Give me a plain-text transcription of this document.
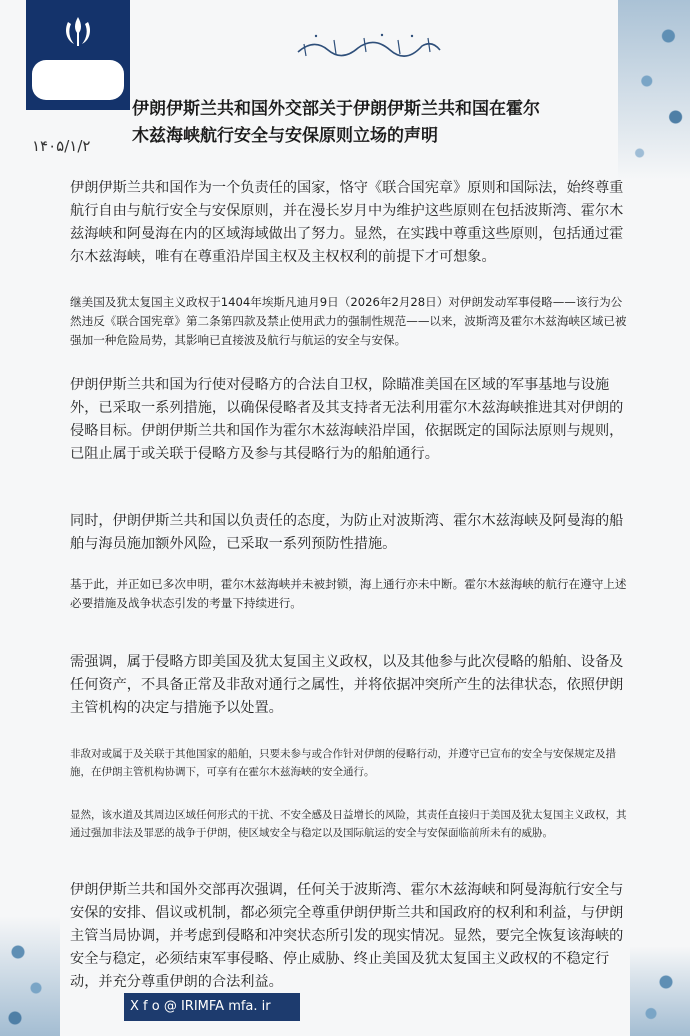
IRIMFA
۱۴۰۵/۱/۲
伊朗伊斯兰共和国外交部关于伊朗伊斯兰共和国在霍尔
木兹海峡航行安全与安保原则立场的声明

伊朗伊斯兰共和国作为一个负责任的国家，恪守《联合国宪章》原则和国际法，始终尊重航行自由与航行安全与安保原则，并在漫长岁月中为维护这些原则在包括波斯湾、霍尔木兹海峡和阿曼海在内的区域海域做出了努力。显然，在实践中尊重这些原则，包括通过霍尔木兹海峡，唯有在尊重沿岸国主权及主权权利的前提下才可想象。

继美国及犹太复国主义政权于1404年埃斯凡迪月9日（2026年2月28日）对伊朗发动军事侵略——该行为公然违反《联合国宪章》第二条第四款及禁止使用武力的强制性规范——以来，波斯湾及霍尔木兹海峡区域已被强加一种危险局势，其影响已直接波及航行与航运的安全与安保。

伊朗伊斯兰共和国为行使对侵略方的合法自卫权，除瞄准美国在区域的军事基地与设施外，已采取一系列措施，以确保侵略者及其支持者无法利用霍尔木兹海峡推进其对伊朗的侵略目标。伊朗伊斯兰共和国作为霍尔木兹海峡沿岸国，依据既定的国际法原则与规则，已阻止属于或关联于侵略方及参与其侵略行为的船舶通行。

同时，伊朗伊斯兰共和国以负责任的态度，为防止对波斯湾、霍尔木兹海峡及阿曼海的船舶与海员施加额外风险，已采取一系列预防性措施。

基于此，并正如已多次申明，霍尔木兹海峡并未被封锁，海上通行亦未中断。霍尔木兹海峡的航行在遵守上述必要措施及战争状态引发的考量下持续进行。

需强调，属于侵略方即美国及犹太复国主义政权，以及其他参与此次侵略的船舶、设备及任何资产，不具备正常及非敌对通行之属性，并将依据冲突所产生的法律状态，依照伊朗主管机构的决定与措施予以处置。

非敌对或属于及关联于其他国家的船舶，只要未参与或合作针对伊朗的侵略行动，并遵守已宣布的安全与安保规定及措施，在伊朗主管机构协调下，可享有在霍尔木兹海峡的安全通行。

显然，该水道及其周边区域任何形式的干扰、不安全感及日益增长的风险，其责任直接归于美国及犹太复国主义政权，其通过强加非法及罪恶的战争于伊朗，使区域安全与稳定以及国际航运的安全与安保面临前所未有的威胁。

伊朗伊斯兰共和国外交部再次强调，任何关于波斯湾、霍尔木兹海峡和阿曼海航行安全与安保的安排、倡议或机制，都必须完全尊重伊朗伊斯兰共和国政府的权利和利益，与伊朗主管当局协调，并考虑到侵略和冲突状态所引发的现实情况。显然，要完全恢复该海峡的安全与稳定，必须结束军事侵略、停止威胁、终止美国及犹太复国主义政权的不稳定行动，并充分尊重伊朗的合法利益。

X f o @ IRIMFA mfa. ir
